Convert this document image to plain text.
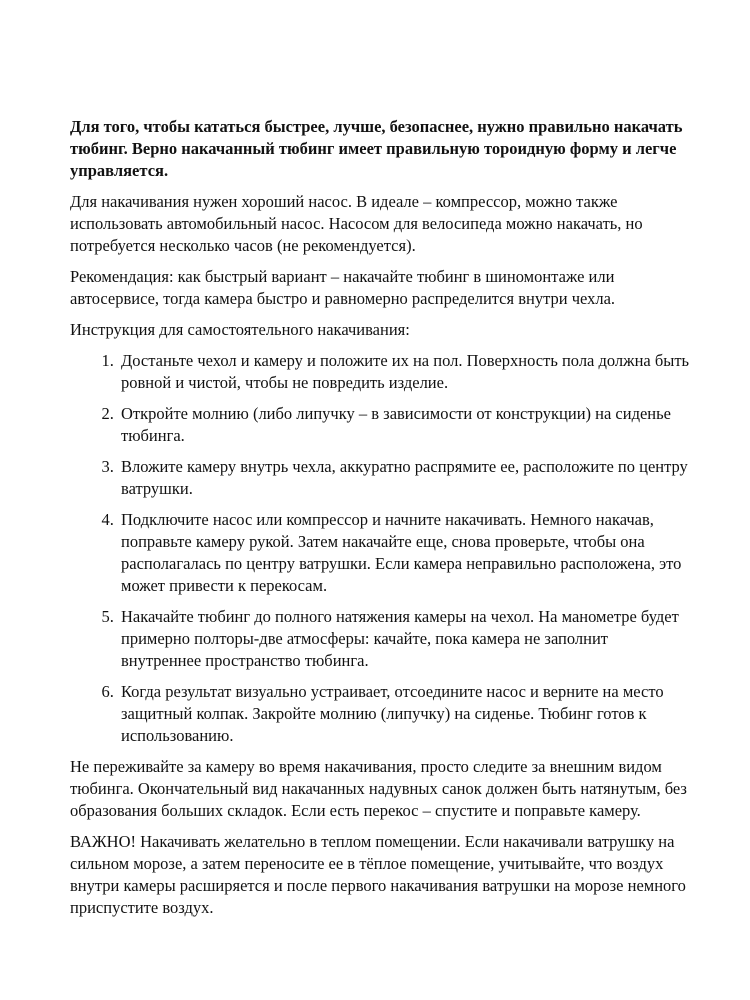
Для того, чтобы кататься быстрее, лучше, безопаснее, нужно правильно накачать тюбинг. Верно накачанный тюбинг имеет правильную тороидную форму и легче управляется.

Для накачивания нужен хороший насос. В идеале – компрессор, можно также использовать автомобильный насос. Насосом для велосипеда можно накачать, но потребуется несколько часов (не рекомендуется).

Рекомендация: как быстрый вариант – накачайте тюбинг в шиномонтаже или автосервисе, тогда камера быстро и равномерно распределится внутри чехла.

Инструкция для самостоятельного накачивания:

1. Достаньте чехол и камеру и положите их на пол. Поверхность пола должна быть ровной и чистой, чтобы не повредить изделие.
2. Откройте молнию (либо липучку – в зависимости от конструкции) на сиденье тюбинга.
3. Вложите камеру внутрь чехла, аккуратно распрямите ее, расположите по центру ватрушки.
4. Подключите насос или компрессор и начните накачивать. Немного накачав, поправьте камеру рукой. Затем накачайте еще, снова проверьте, чтобы она располагалась по центру ватрушки. Если камера неправильно расположена, это может привести к перекосам.
5. Накачайте тюбинг до полного натяжения камеры на чехол. На манометре будет примерно полторы-две атмосферы: качайте, пока камера не заполнит внутреннее пространство тюбинга.
6. Когда результат визуально устраивает, отсоедините насос и верните на место защитный колпак. Закройте молнию (липучку) на сиденье. Тюбинг готов к использованию.

Не переживайте за камеру во время накачивания, просто следите за внешним видом тюбинга. Окончательный вид накачанных надувных санок должен быть натянутым, без образования больших складок. Если есть перекос – спустите и поправьте камеру.

ВАЖНО! Накачивать желательно в теплом помещении. Если накачивали ватрушку на сильном морозе, а затем переносите ее в тёплое помещение, учитывайте, что воздух внутри камеры расширяется и после первого накачивания ватрушки на морозе немного приспустите воздух.
